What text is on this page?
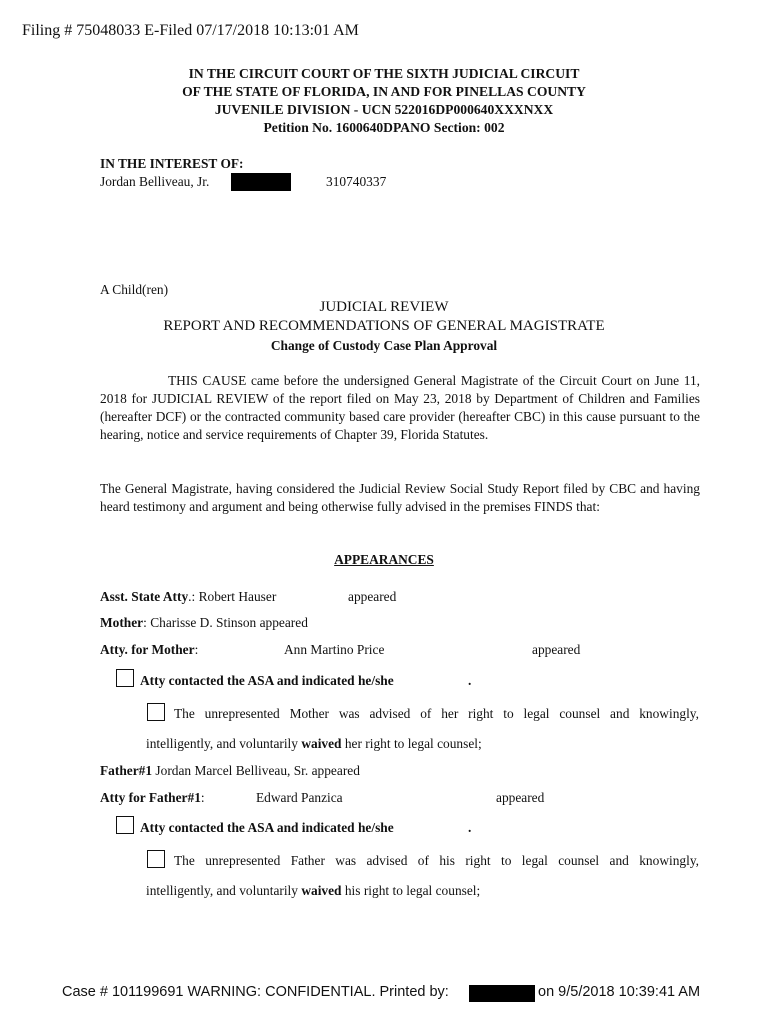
Filing # 75048033 E-Filed 07/17/2018 10:13:01 AM
IN THE CIRCUIT COURT OF THE SIXTH JUDICIAL CIRCUIT
OF THE STATE OF FLORIDA, IN AND FOR PINELLAS COUNTY
JUVENILE DIVISION - UCN 522016DP000640XXXNXX
Petition No. 1600640DPANO Section: 002
IN THE INTEREST OF:
Jordan Belliveau, Jr.	310740337
A Child(ren)
JUDICIAL REVIEW
REPORT AND RECOMMENDATIONS OF GENERAL MAGISTRATE
Change of Custody Case Plan Approval
THIS CAUSE came before the undersigned General Magistrate of the Circuit Court on June 11, 2018 for JUDICIAL REVIEW of the report filed on May 23, 2018 by Department of Children and Families (hereafter DCF) or the contracted community based care provider (hereafter CBC) in this cause pursuant to the hearing, notice and service requirements of Chapter 39, Florida Statutes.
The General Magistrate, having considered the Judicial Review Social Study Report filed by CBC and having heard testimony and argument and being otherwise fully advised in the premises FINDS that:
APPEARANCES
Asst. State Atty.: Robert Hauser	appeared
Mother: Charisse D. Stinson appeared
Atty. for Mother:	Ann Martino Price	appeared
Atty contacted the ASA and indicated he/she	.
The unrepresented Mother was advised of her right to legal counsel and knowingly,
intelligently, and voluntarily waived her right to legal counsel;
Father#1 Jordan Marcel Belliveau, Sr. appeared
Atty for Father#1:	Edward Panzica	appeared
Atty contacted the ASA and indicated he/she	.
The unrepresented Father was advised of his right to legal counsel and knowingly,
intelligently, and voluntarily waived his right to legal counsel;
Case # 101199691 WARNING: CONFIDENTIAL. Printed by:	on 9/5/2018 10:39:41 AM
